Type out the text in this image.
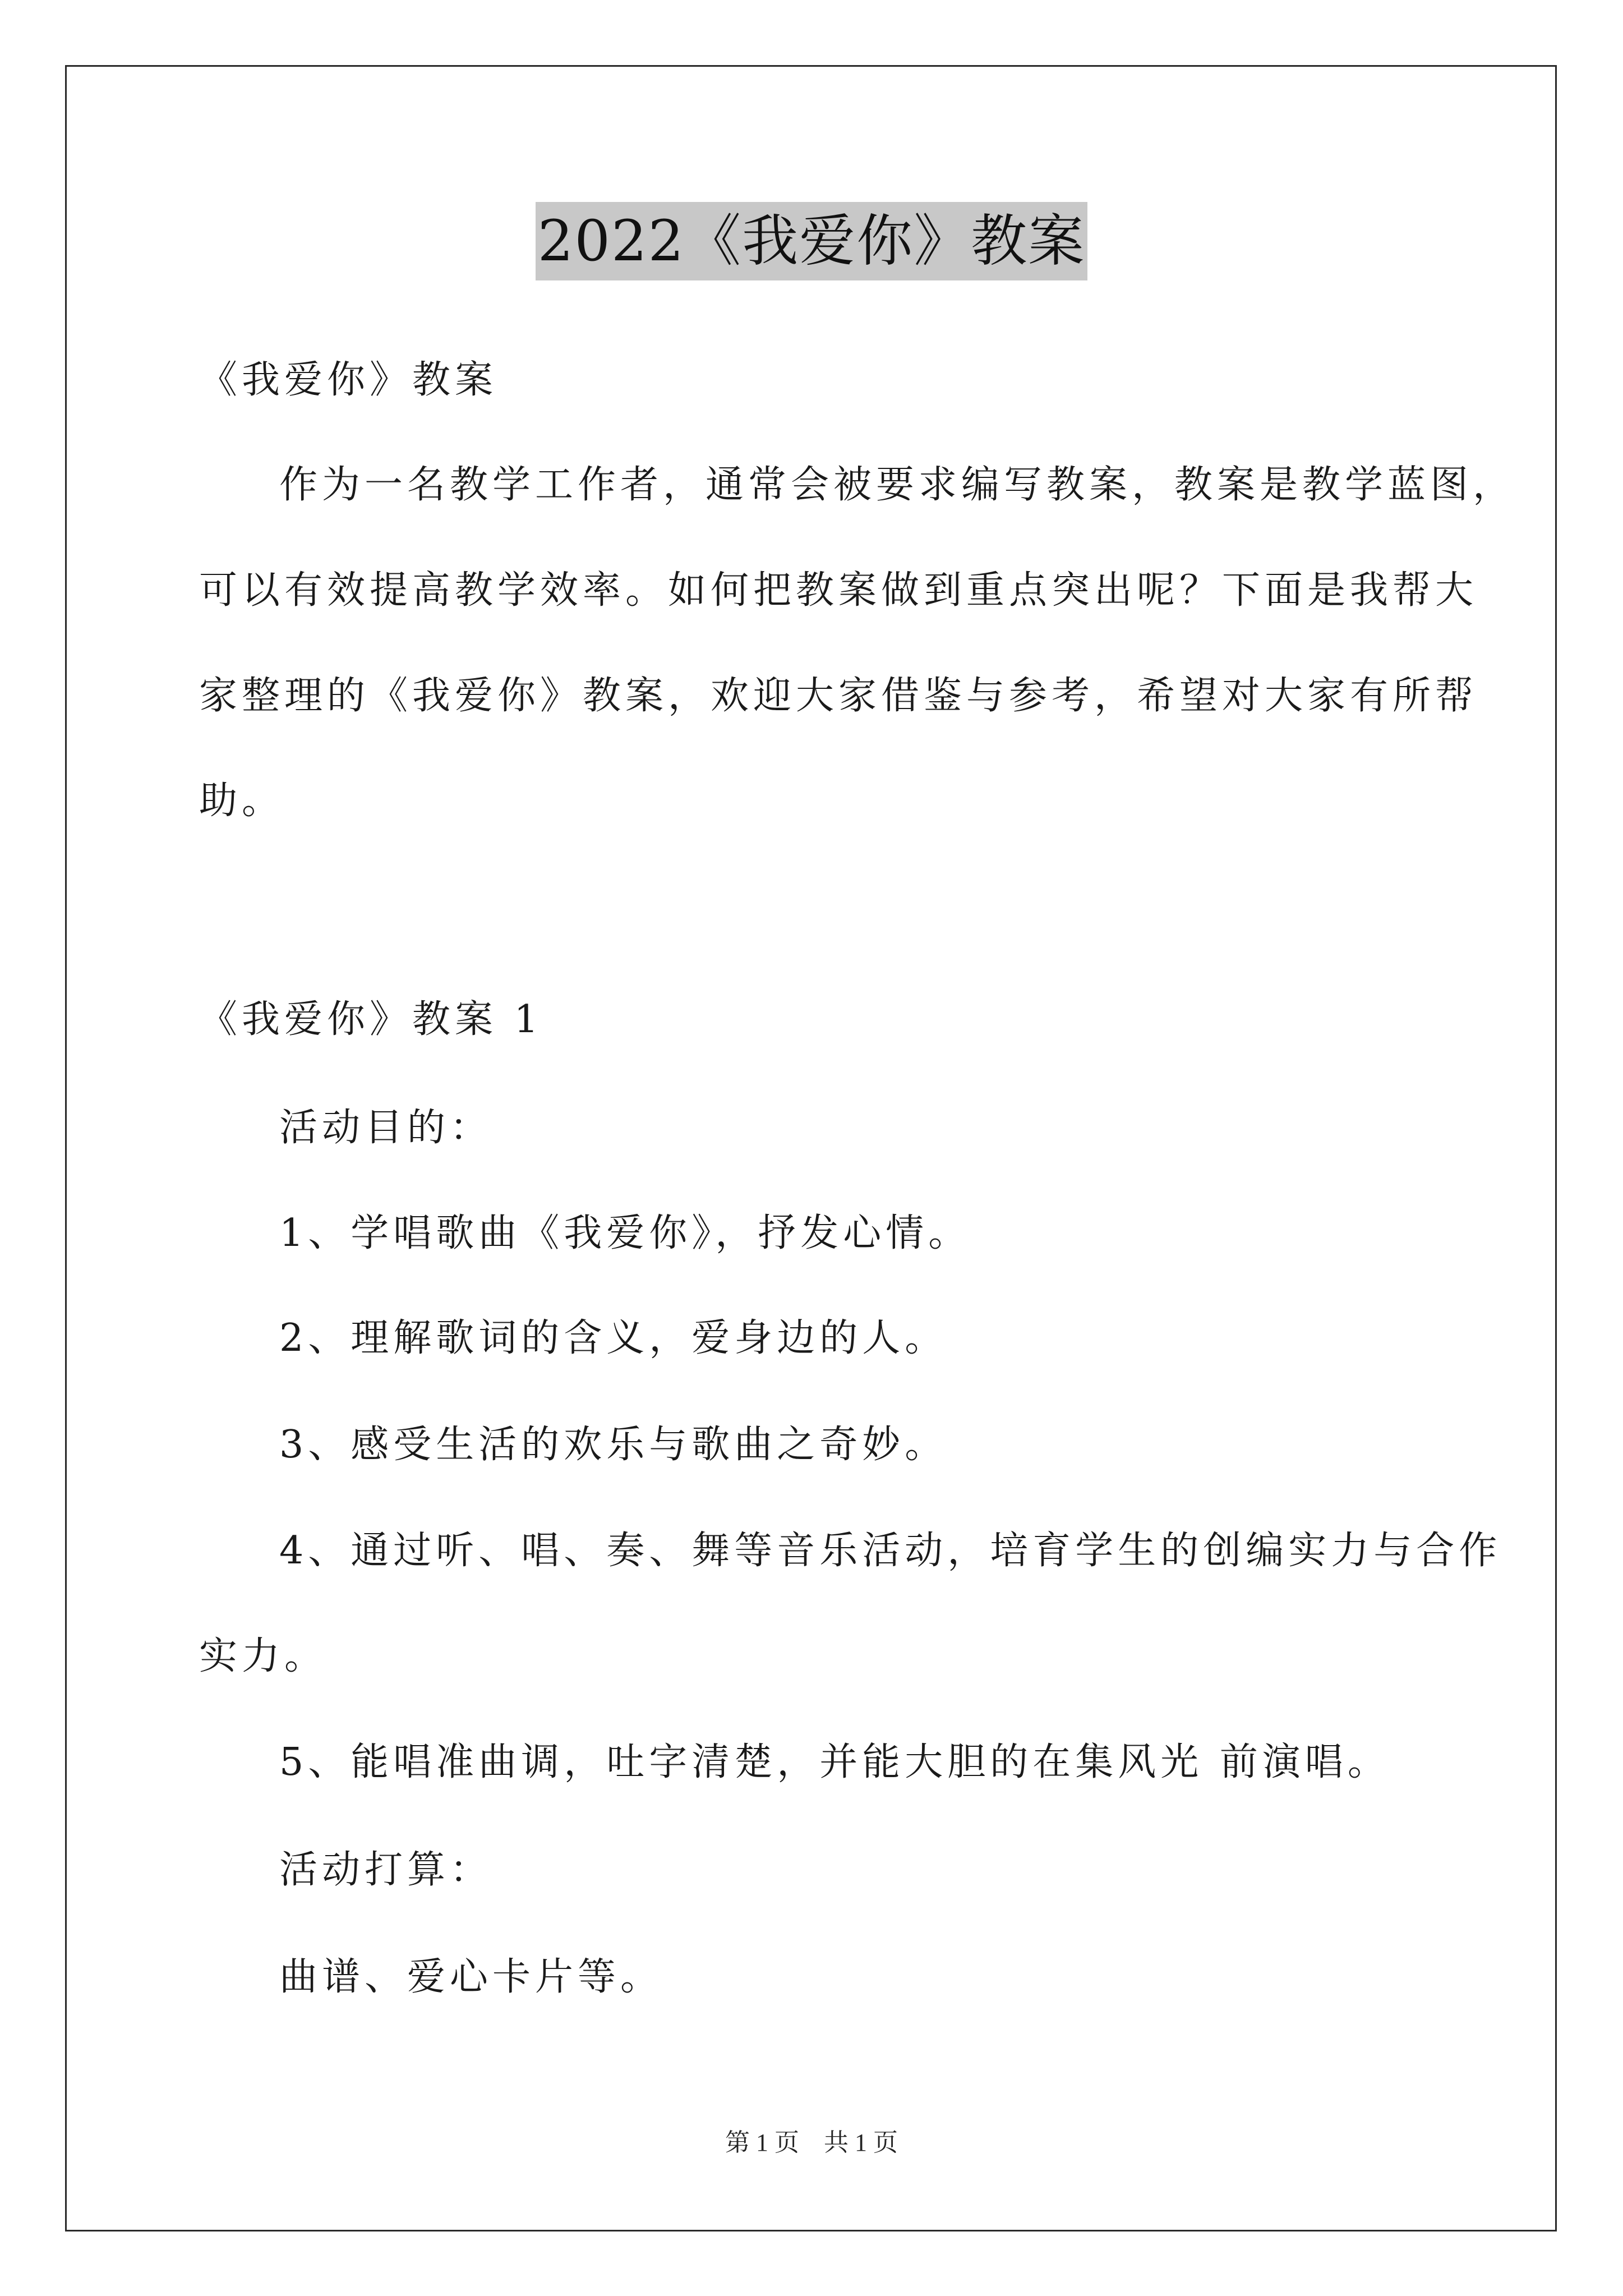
2022《我爱你》教案
《我爱你》教案
作为一名教学工作者，通常会被要求编写教案，教案是教学蓝图，
可以有效提高教学效率。如何把教案做到重点突出呢？下面是我帮大
家整理的《我爱你》教案，欢迎大家借鉴与参考，希望对大家有所帮
助。
《我爱你》教案 1
活动目的：
1、学唱歌曲《我爱你》，抒发心情。
2、理解歌词的含义，爱身边的人。
3、感受生活的欢乐与歌曲之奇妙。
4、通过听、唱、奏、舞等音乐活动，培育学生的创编实力与合作
实力。
5、能唱准曲调，吐字清楚，并能大胆的在集风光 前演唱。
活动打算：
曲谱、爱心卡片等。
第 1 页　共 1 页
